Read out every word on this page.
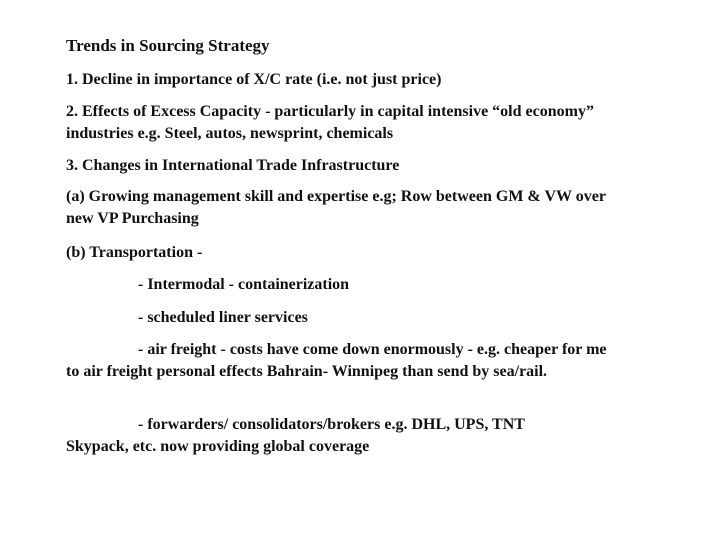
Trends in Sourcing Strategy

1. Decline in importance of X/C rate (i.e. not just price)

2. Effects of Excess Capacity - particularly in capital intensive “old economy” industries e.g. Steel, autos, newsprint, chemicals

3. Changes in International Trade Infrastructure

(a) Growing management skill and expertise e.g; Row between GM & VW over new VP Purchasing

(b) Transportation -

- Intermodal - containerization

- scheduled liner services

- air freight - costs have come down enormously - e.g. cheaper for me to air freight personal effects Bahrain- Winnipeg than send by sea/rail.

- forwarders/ consolidators/brokers e.g. DHL, UPS, TNT Skypack, etc. now providing global coverage
